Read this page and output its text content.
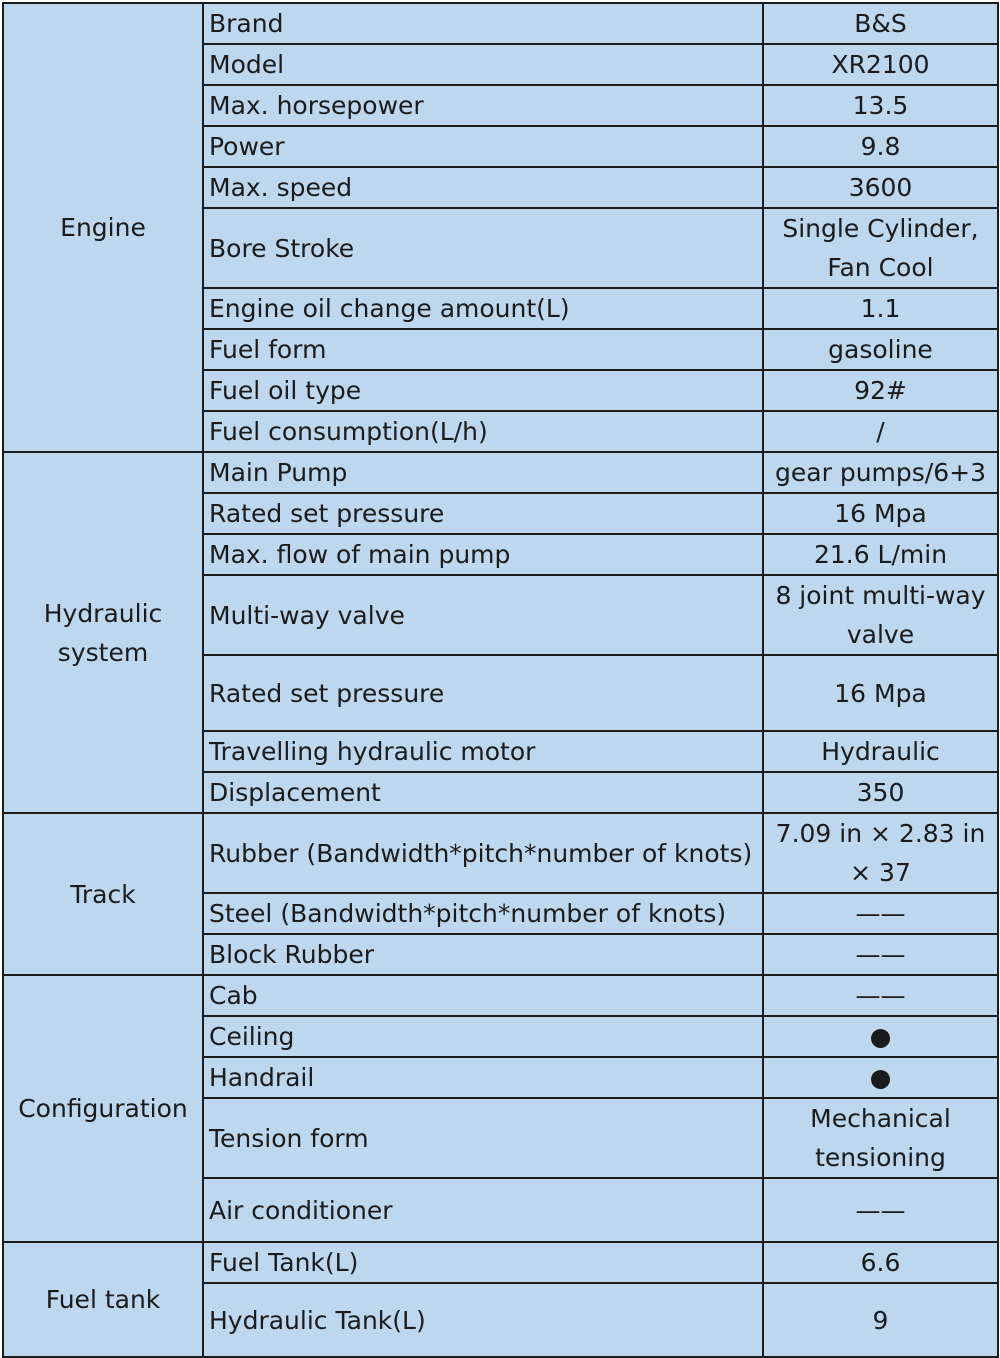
Engine	Brand	B&S
	Model	XR2100
	Max. horsepower	13.5
	Power	9.8
	Max. speed	3600
	Bore Stroke	Single Cylinder,
Fan Cool
	Engine oil change amount(L)	1.1
	Fuel form	gasoline
	Fuel oil type	92#
	Fuel consumption(L/h)	/
Hydraulic
system	Main Pump	gear pumps/6+3
	Rated set pressure	16 Mpa
	Max. flow of main pump	21.6 L/min
	Multi-way valve	8 joint multi-way
valve
	Rated set pressure	16 Mpa
	Travelling hydraulic motor	Hydraulic
	Displacement	350
Track	Rubber (Bandwidth*pitch*number of knots)	7.09 in × 2.83 in
× 37
	Steel (Bandwidth*pitch*number of knots)	——
	Block Rubber	——
Configuration	Cab	——
	Ceiling	●
	Handrail	●
	Tension form	Mechanical
tensioning
	Air conditioner	——
Fuel tank	Fuel Tank(L)	6.6
	Hydraulic Tank(L)	9
